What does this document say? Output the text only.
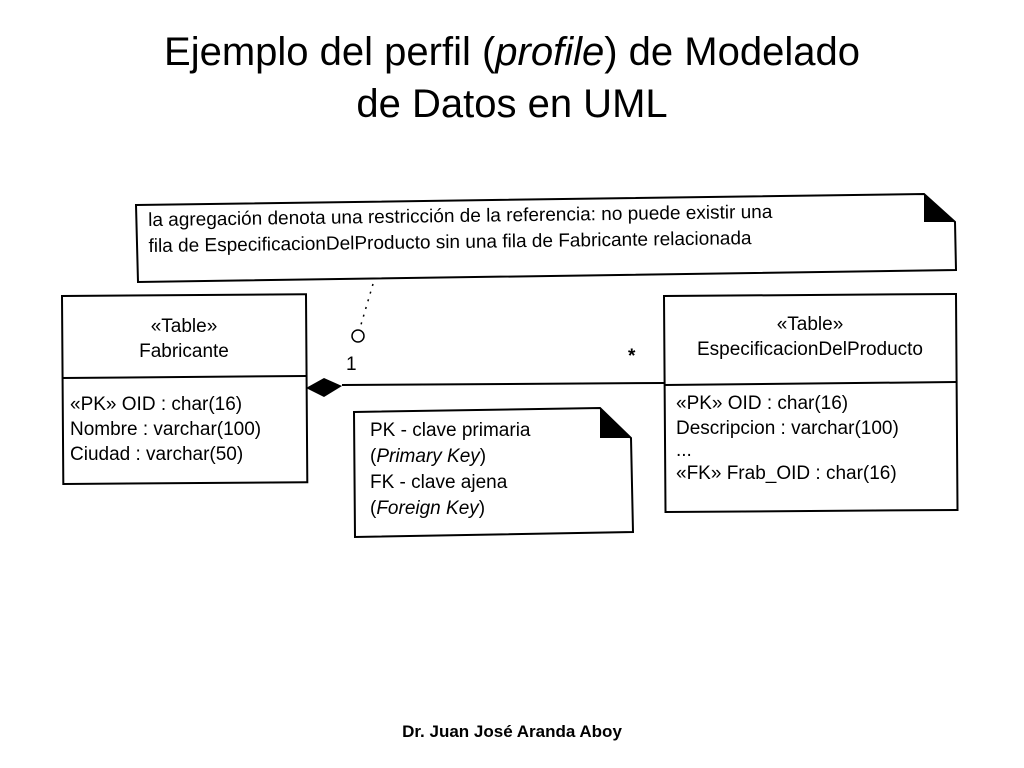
Ejemplo del perfil (profile) de Modelado
de Datos en UML
la agregación denota una restricción de la referencia: no puede existir una
fila de EspecificacionDelProducto sin una fila de Fabricante relacionada
«Table»
Fabricante
«PK» OID : char(16)
Nombre : varchar(100)
Ciudad : varchar(50)
«Table»
EspecificacionDelProducto
«PK» OID : char(16)
Descripcion : varchar(100)
...
«FK» Frab_OID : char(16)
1	*
PK - clave primaria
(Primary Key)
FK - clave ajena
(Foreign Key)
Dr. Juan José Aranda Aboy
